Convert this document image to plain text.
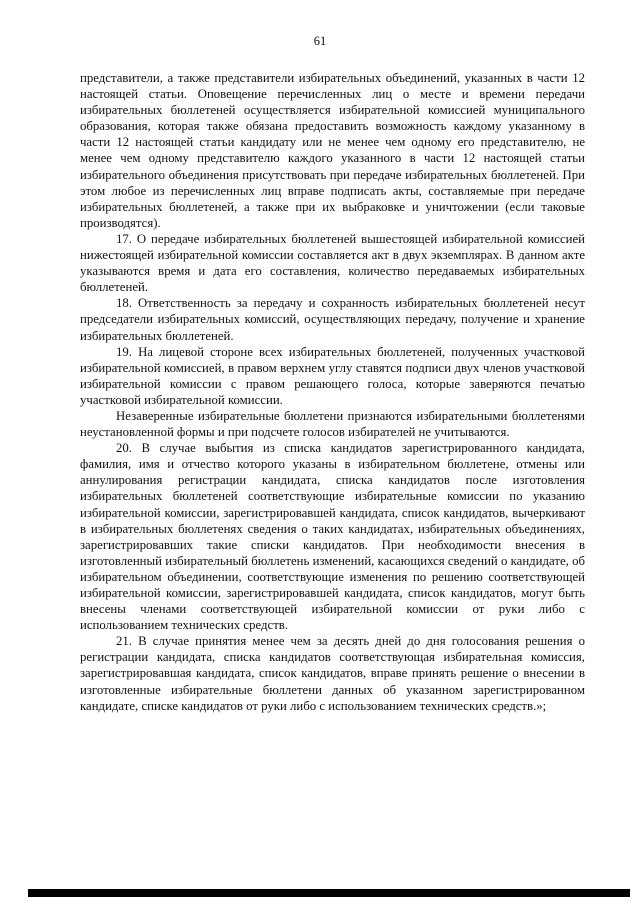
61

представители, а также представители избирательных объединений, указанных в части 12 настоящей статьи. Оповещение перечисленных лиц о месте и времени передачи избирательных бюллетеней осуществляется избирательной комиссией муниципального образования, которая также обязана предоставить возможность каждому указанному в части 12 настоящей статьи кандидату или не менее чем одному его представителю, не менее чем одному представителю каждого указанного в части 12 настоящей статьи избирательного объединения присутствовать при передаче избирательных бюллетеней. При этом любое из перечисленных лиц вправе подписать акты, составляемые при передаче избирательных бюллетеней, а также при их выбраковке и уничтожении (если таковые производятся).

17. О передаче избирательных бюллетеней вышестоящей избирательной комиссией нижестоящей избирательной комиссии составляется акт в двух экземплярах. В данном акте указываются время и дата его составления, количество передаваемых избирательных бюллетеней.

18. Ответственность за передачу и сохранность избирательных бюллетеней несут председатели избирательных комиссий, осуществляющих передачу, получение и хранение избирательных бюллетеней.

19. На лицевой стороне всех избирательных бюллетеней, полученных участковой избирательной комиссией, в правом верхнем углу ставятся подписи двух членов участковой избирательной комиссии с правом решающего голоса, которые заверяются печатью участковой избирательной комиссии.

Незаверенные избирательные бюллетени признаются избирательными бюллетенями неустановленной формы и при подсчете голосов избирателей не учитываются.

20. В случае выбытия из списка кандидатов зарегистрированного кандидата, фамилия, имя и отчество которого указаны в избирательном бюллетене, отмены или аннулирования регистрации кандидата, списка кандидатов после изготовления избирательных бюллетеней соответствующие избирательные комиссии по указанию избирательной комиссии, зарегистрировавшей кандидата, список кандидатов, вычеркивают в избирательных бюллетенях сведения о таких кандидатах, избирательных объединениях, зарегистрировавших такие списки кандидатов. При необходимости внесения в изготовленный избирательный бюллетень изменений, касающихся сведений о кандидате, об избирательном объединении, соответствующие изменения по решению соответствующей избирательной комиссии, зарегистрировавшей кандидата, список кандидатов, могут быть внесены членами соответствующей избирательной комиссии от руки либо с использованием технических средств.

21. В случае принятия менее чем за десять дней до дня голосования решения о регистрации кандидата, списка кандидатов соответствующая избирательная комиссия, зарегистрировавшая кандидата, список кандидатов, вправе принять решение о внесении в изготовленные избирательные бюллетени данных об указанном зарегистрированном кандидате, списке кандидатов от руки либо с использованием технических средств.»;
